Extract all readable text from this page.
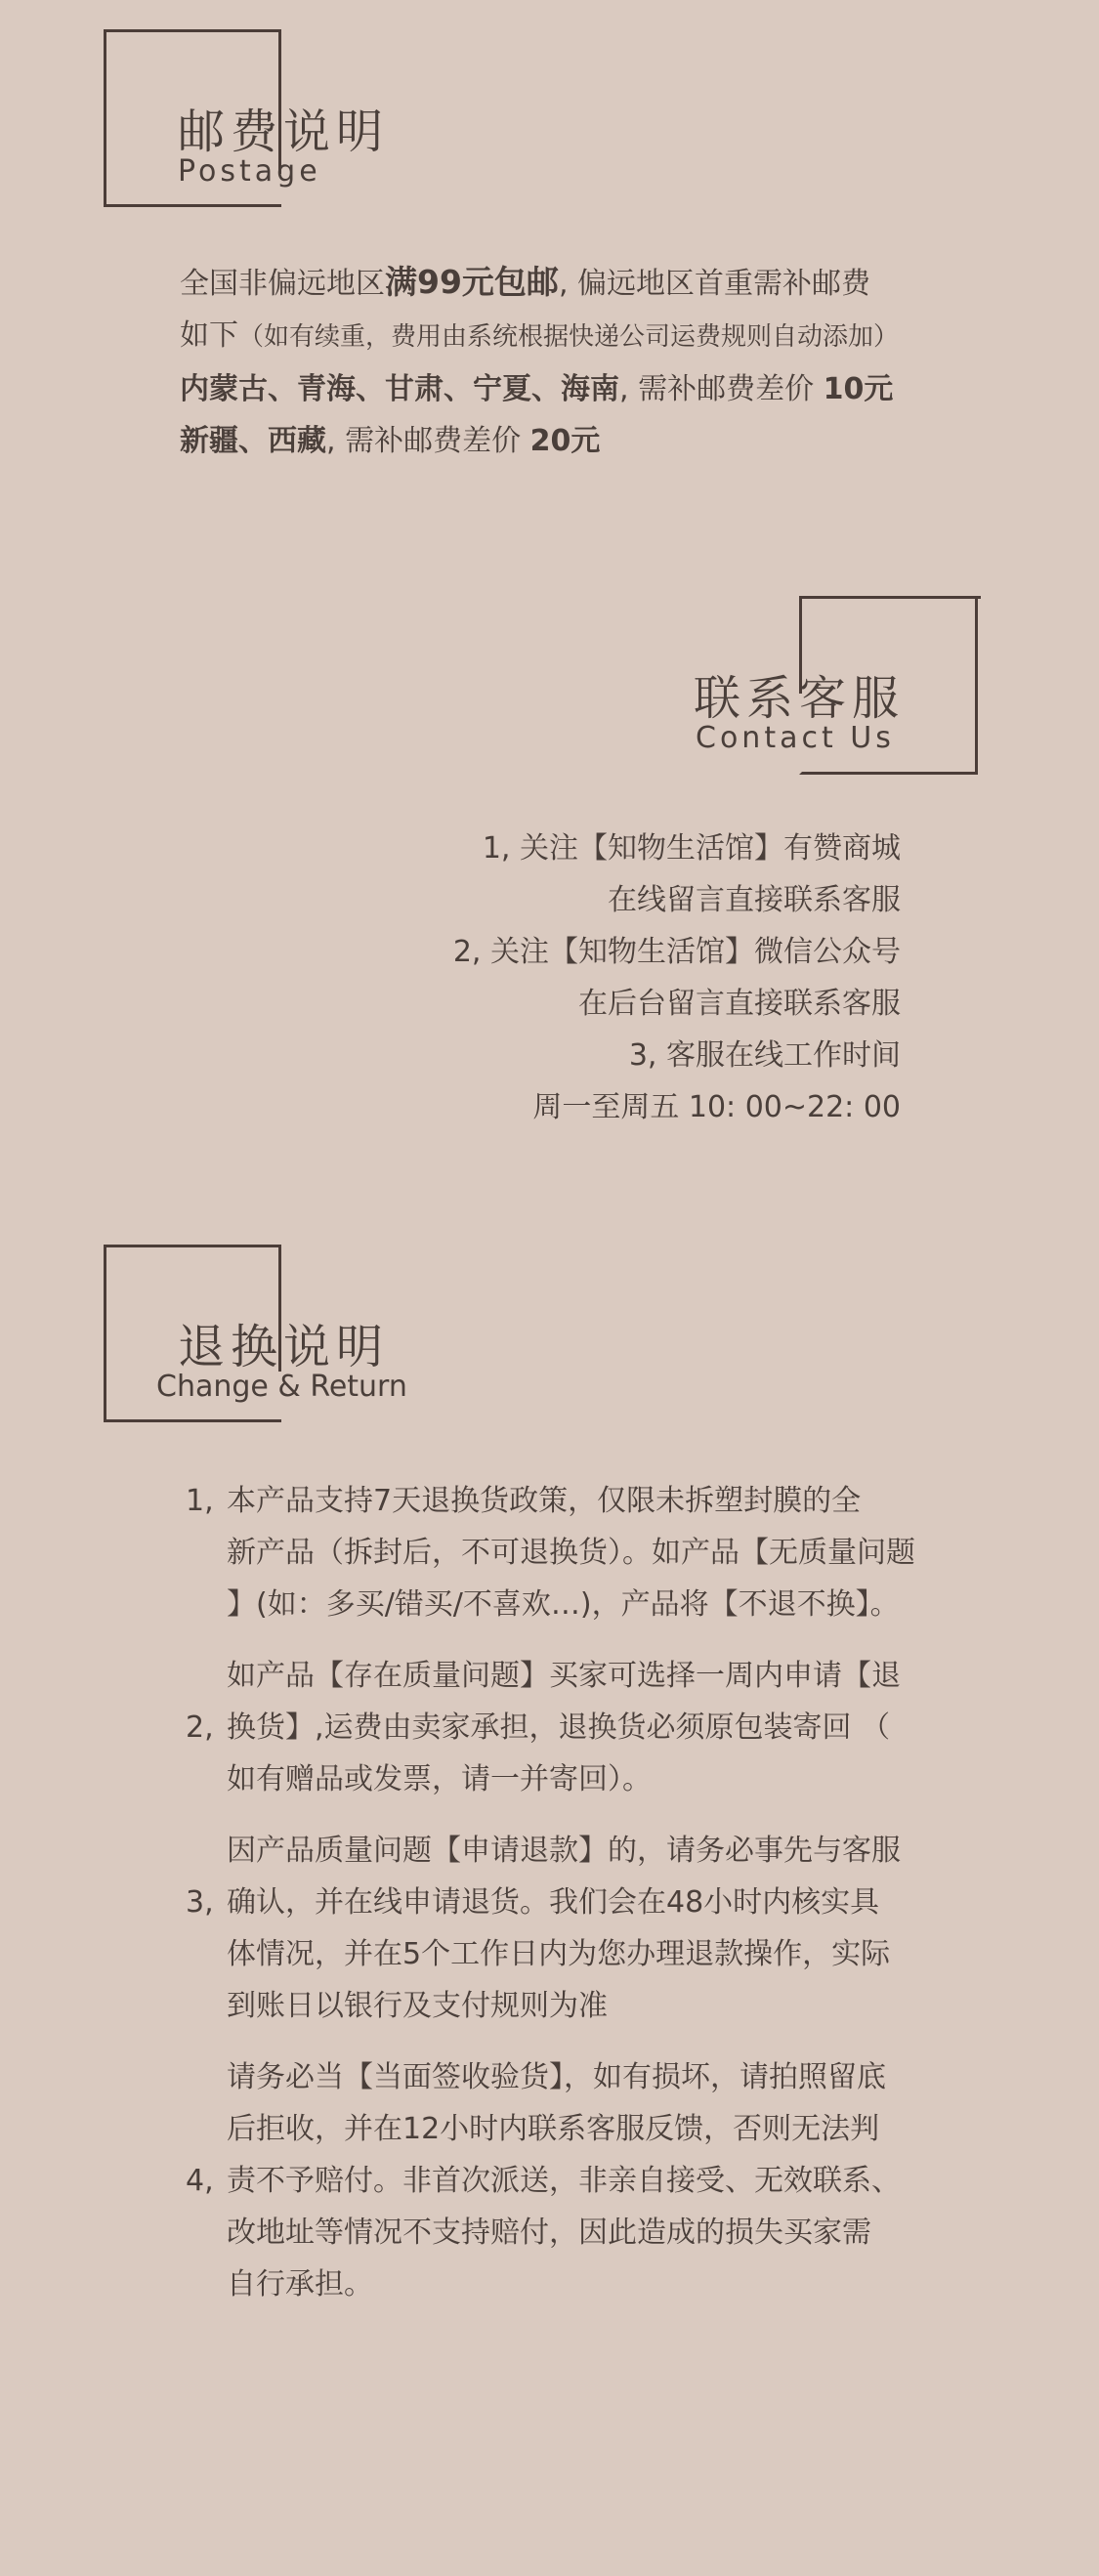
邮费说明
Postage
全国非偏远地区满99元包邮, 偏远地区首重需补邮费
如下（如有续重，费用由系统根据快递公司运费规则自动添加）
内蒙古、青海、甘肃、宁夏、海南, 需补邮费差价 10元
新疆、西藏, 需补邮费差价 20元
联系客服
Contact Us
1, 关注【知物生活馆】有赞商城
在线留言直接联系客服
2, 关注【知物生活馆】微信公众号
在后台留言直接联系客服
3, 客服在线工作时间
周一至周五 10: 00~22: 00
退换说明
Change & Return
1, 本产品支持7天退换货政策，仅限未拆塑封膜的全
新产品（拆封后，不可退换货）。如产品【无质量问题
】(如：多买/错买/不喜欢…)，产品将【不退不换】。
2,
如产品【存在质量问题】买家可选择一周内申请【退
换货】,运费由卖家承担，退换货必须原包装寄回 （
如有赠品或发票，请一并寄回）。
3,
因产品质量问题【申请退款】的，请务必事先与客服
确认，并在线申请退货。我们会在48小时内核实具
体情况，并在5个工作日内为您办理退款操作，实际
到账日以银行及支付规则为准
4,
请务必当【当面签收验货】，如有损坏，请拍照留底
后拒收，并在12小时内联系客服反馈，否则无法判
责不予赔付。非首次派送，非亲自接受、无效联系、
改地址等情况不支持赔付，因此造成的损失买家需
自行承担。
